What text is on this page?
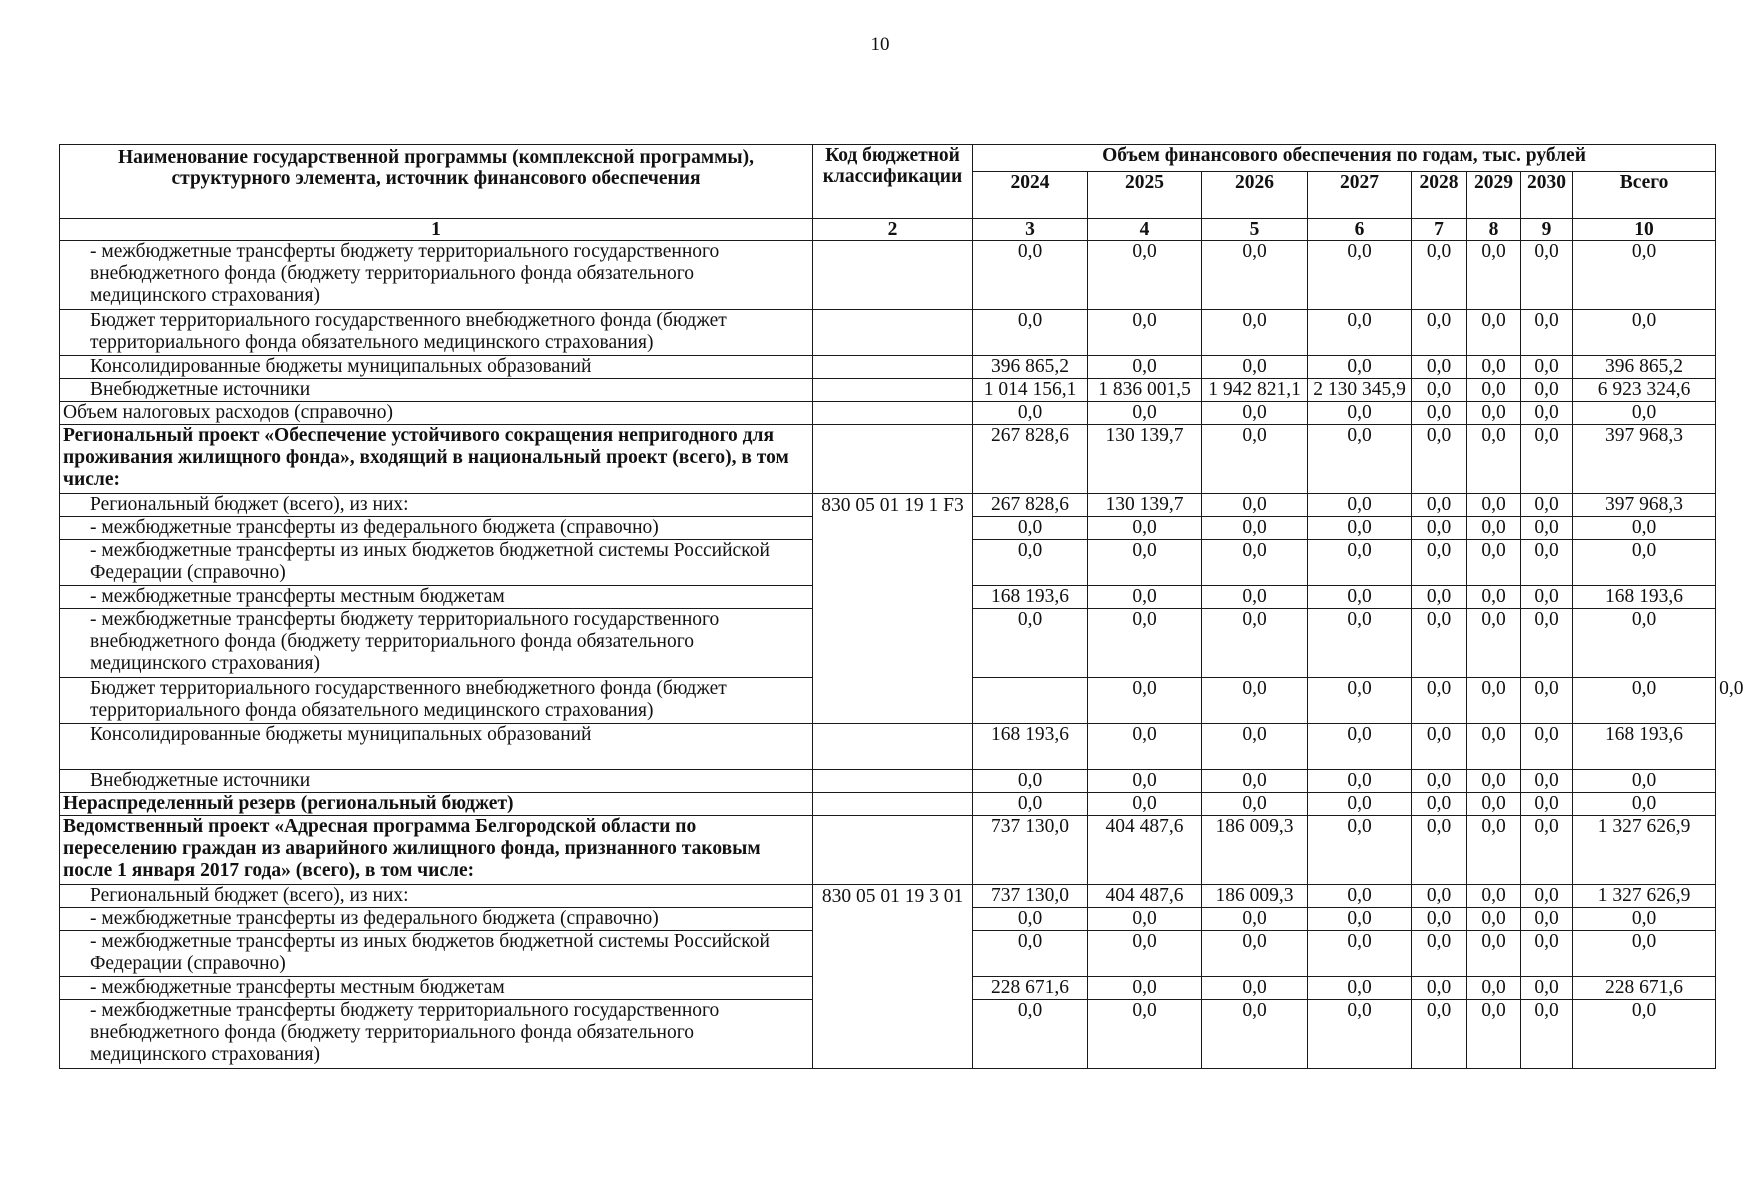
10
Наименование государственной программы (комплексной программы), структурного элемента, источник финансового обеспечения	Код бюджетной классификации	Объем финансового обеспечения по годам, тыс. рублей								
		2024	2025	2026	2027	2028	2029	2030	Всего	
1	2	3	4	5	6	7	8	9	10	
- межбюджетные трансферты бюджету территориального государственного внебюджетного фонда (бюджету территориального фонда обязательного медицинского страхования)		0,0	0,0	0,0	0,0	0,0	0,0	0,0	0,0	
Бюджет территориального государственного внебюджетного фонда (бюджет территориального фонда обязательного медицинского страхования)		0,0	0,0	0,0	0,0	0,0	0,0	0,0	0,0	
Консолидированные бюджеты муниципальных образований		396 865,2	0,0	0,0	0,0	0,0	0,0	0,0	396 865,2	
Внебюджетные источники		1 014 156,1	1 836 001,5	1 942 821,1	2 130 345,9	0,0	0,0	0,0	6 923 324,6	
Объем налоговых расходов (справочно)		0,0	0,0	0,0	0,0	0,0	0,0	0,0	0,0	
Региональный проект «Обеспечение устойчивого сокращения непригодного для проживания жилищного фонда», входящий в национальный проект (всего), в том числе:		267 828,6	130 139,7	0,0	0,0	0,0	0,0	0,0	397 968,3	
Региональный бюджет (всего), из них:	830 05 01 19 1 F3	267 828,6	130 139,7	0,0	0,0	0,0	0,0	0,0	397 968,3	
- межбюджетные трансферты из федерального бюджета (справочно)		0,0	0,0	0,0	0,0	0,0	0,0	0,0	0,0	
- межбюджетные трансферты из иных бюджетов бюджетной системы Российской Федерации (справочно)		0,0	0,0	0,0	0,0	0,0	0,0	0,0	0,0	
- межбюджетные трансферты местным бюджетам		168 193,6	0,0	0,0	0,0	0,0	0,0	0,0	168 193,6	
- межбюджетные трансферты бюджету территориального государственного внебюджетного фонда (бюджету территориального фонда обязательного медицинского страхования)		0,0	0,0	0,0	0,0	0,0	0,0	0,0	0,0	
Бюджет территориального государственного внебюджетного фонда (бюджет территориального фонда обязательного медицинского страхования)			0,0	0,0	0,0	0,0	0,0	0,0	0,0	0,0
Консолидированные бюджеты муниципальных образований		168 193,6	0,0	0,0	0,0	0,0	0,0	0,0	168 193,6	
Внебюджетные источники		0,0	0,0	0,0	0,0	0,0	0,0	0,0	0,0	
Нераспределенный резерв (региональный бюджет)		0,0	0,0	0,0	0,0	0,0	0,0	0,0	0,0	
Ведомственный проект «Адресная программа Белгородской области по переселению граждан из аварийного жилищного фонда, признанного таковым после 1 января 2017 года» (всего), в том числе:		737 130,0	404 487,6	186 009,3	0,0	0,0	0,0	0,0	1 327 626,9	
Региональный бюджет (всего), из них:	830 05 01 19 3 01	737 130,0	404 487,6	186 009,3	0,0	0,0	0,0	0,0	1 327 626,9	
- межбюджетные трансферты из федерального бюджета (справочно)		0,0	0,0	0,0	0,0	0,0	0,0	0,0	0,0	
- межбюджетные трансферты из иных бюджетов бюджетной системы Российской Федерации (справочно)		0,0	0,0	0,0	0,0	0,0	0,0	0,0	0,0	
- межбюджетные трансферты местным бюджетам		228 671,6	0,0	0,0	0,0	0,0	0,0	0,0	228 671,6	
- межбюджетные трансферты бюджету территориального государственного внебюджетного фонда (бюджету территориального фонда обязательного медицинского страхования)		0,0	0,0	0,0	0,0	0,0	0,0	0,0	0,0	
